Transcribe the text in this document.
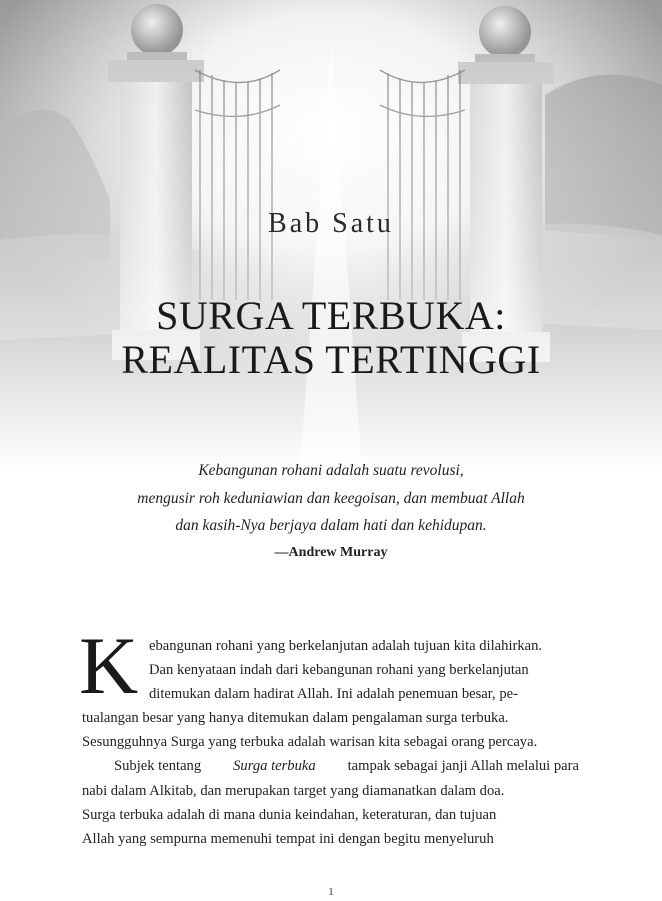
Bab Satu
SURGA TERBUKA:
REALITAS TERTINGGI
Kebangunan rohani adalah suatu revolusi,
mengusir roh keduniawian dan keegoisan, dan membuat Allah
dan kasih-Nya berjaya dalam hati dan kehidupan.
—Andrew Murray
K ebangunan rohani yang berkelanjutan adalah tujuan kita dilahirkan.
Dan kenyataan indah dari kebangunan rohani yang berkelanjutan
ditemukan dalam hadirat Allah. Ini adalah penemuan besar, pe-
tualangan besar yang hanya ditemukan dalam pengalaman surga terbuka.
Sesungguhnya Surga yang terbuka adalah warisan kita sebagai orang percaya.
Subjek tentang Surga terbuka tampak sebagai janji Allah melalui para
nabi dalam Alkitab, dan merupakan target yang diamanatkan dalam doa.
Surga terbuka adalah di mana dunia keindahan, keteraturan, dan tujuan
Allah yang sempurna memenuhi tempat ini dengan begitu menyeluruh
1
